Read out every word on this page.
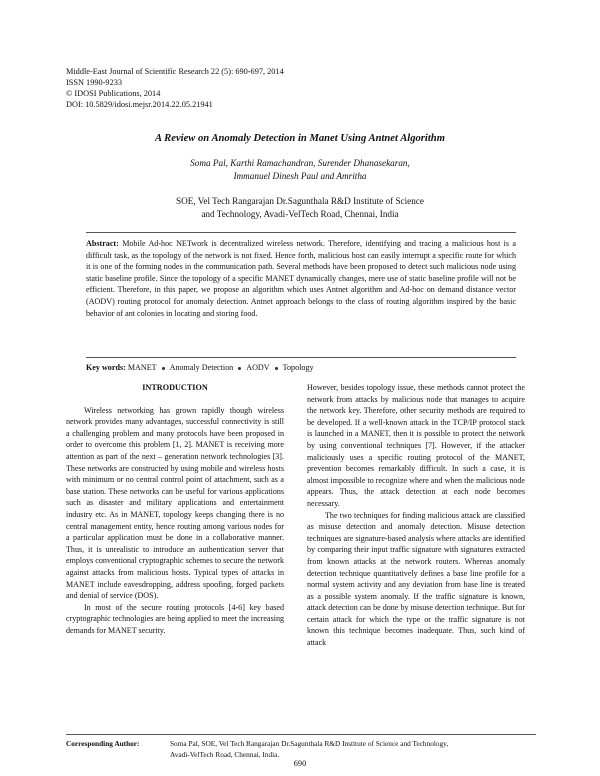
Middle-East Journal of Scientific Research 22 (5): 690-697, 2014
ISSN 1990-9233
© IDOSI Publications, 2014
DOI: 10.5829/idosi.mejsr.2014.22.05.21941
A Review on Anomaly Detection in Manet Using Antnet Algorithm
Soma Pal, Karthi Ramachandran, Surender Dhanasekaran,
Immanuel Dinesh Paul and Amritha
SOE, Vel Tech Rangarajan Dr.Sagunthala R&D Institute of Science
and Technology, Avadi-VelTech Road, Chennai, India
Abstract: Mobile Ad-hoc NETwork is decentralized wireless network. Therefore, identifying and tracing a malicious host is a difficult task, as the topology of the network is not fixed. Hence forth, malicious host can easily interrupt a specific route for which it is one of the forming nodes in the communication path. Several methods have been proposed to detect such malicious node using static baseline profile. Since the topology of a specific MANET dynamically changes, mere use of static baseline profile will not be efficient. Therefore, in this paper, we propose an algorithm which uses Antnet algorithm and Ad-hoc on demand distance vector (AODV) routing protocol for anomaly detection. Antnet approach belongs to the class of routing algorithm inspired by the basic behavior of ant colonies in locating and storing food.
Key words: MANET Anomaly Detection AODV Topology
INTRODUCTION

Wireless networking has grown rapidly though wireless network provides many advantages, successful connectivity is still a challenging problem and many protocols have been proposed in order to overcome this problem [1, 2]. MANET is receiving more attention as part of the next – generation network technologies [3]. These networks are constructed by using mobile and wireless hosts with minimum or no central control point of attachment, such as a base station. These networks can be useful for various applications such as disaster and military applications and entertainment industry etc. As in MANET, topology keeps changing there is no central management entity, hence routing among various nodes for a particular application must be done in a collaborative manner. Thus, it is unrealistic to introduce an authentication server that employs conventional cryptographic schemes to secure the network against attacks from malicious hosts. Typical types of attacks in MANET include eavesdropping, address spoofing, forged packets and denial of service (DOS).

In most of the secure routing protocols [4-6] key based cryptographic technologies are being applied to meet the increasing demands for MANET security.

However, besides topology issue, these methods cannot protect the network from attacks by malicious node that manages to acquire the network key. Therefore, other security methods are required to be developed. If a well-known attack in the TCP/IP protocol stack is launched in a MANET, then it is possible to protect the network by using conventional techniques [7]. However, if the attacker maliciously uses a specific routing protocol of the MANET, prevention becomes remarkably difficult. In such a case, it is almost impossible to recognize where and when the malicious node appears. Thus, the attack detection at each node becomes necessary.

The two techniques for finding malicious attack are classified as misuse detection and anomaly detection. Misuse detection techniques are signature-based analysis where attacks are identified by comparing their input traffic signature with signatures extracted from known attacks at the network routers. Whereas anomaly detection technique quantitatively defines a base line profile for a normal system activity and any deviation from base line is treated as a possible system anomaly. If the traffic signature is known, attack detection can be done by misuse detection technique. But for certain attack for which the type or the traffic signature is not known this technique becomes inadequate. Thus, such kind of attack

Corresponding Author:	Soma Pal, SOE, Vel Tech Rangarajan Dr.Sagunthala R&D Institute of Science and Technology,
Avadi-VelTech Road, Chennai, India.
690
